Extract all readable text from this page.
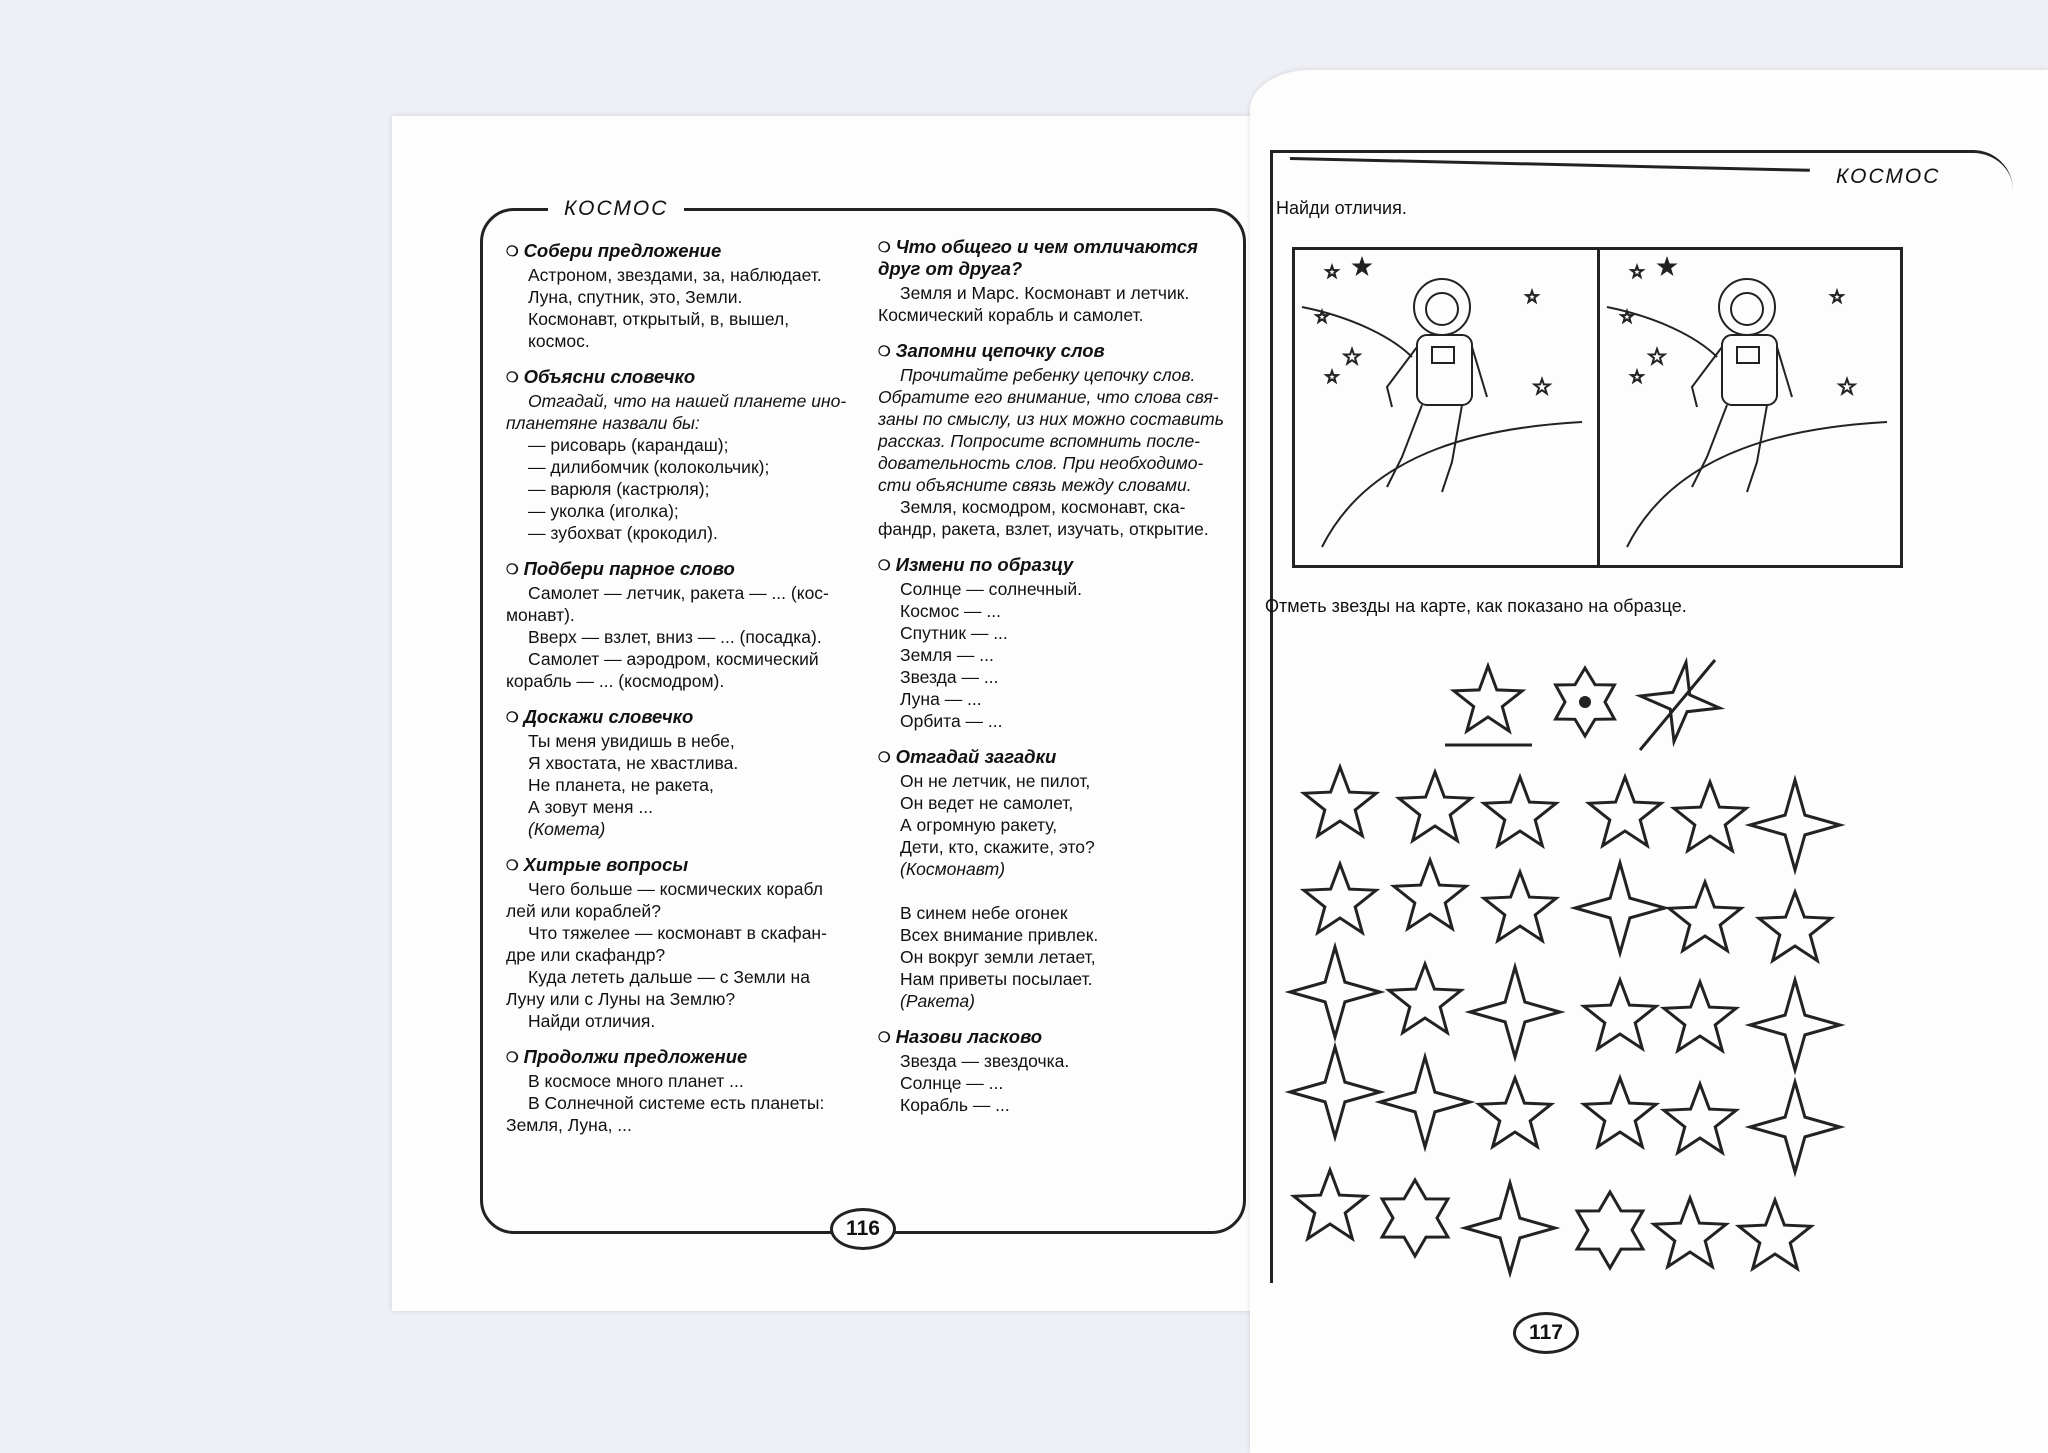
КОСМОС
КОСМОС
❍ Собери предложение
Астроном, звездами, за, наблюдает.
Луна, спутник, это, Земли.
Космонавт, открытый, в, вышел, космос.
❍ Объясни словечко
Отгадай, что на нашей планете ино-
планетяне назвали бы:
— рисоварь (карандаш);
— дилибомчик (колокольчик);
— варюля (кастрюля);
— уколка (иголка);
— зубохват (крокодил).
❍ Подбери парное слово
Самолет — летчик, ракета — ... (кос-
монавт).
Вверх — взлет, вниз — ... (посадка).
Самолет — аэродром, космический
корабль — ... (космодром).
❍ Доскажи словечко
Ты меня увидишь в небе,
Я хвостата, не хвастлива.
Не планета, не ракета,
А зовут меня ...
(Комета)
❍ Хитрые вопросы
Чего больше — космических корабл
лей или кораблей?
Что тяжелее — космонавт в скафан-
дре или скафандр?
Куда лететь дальше — с Земли на
Луну или с Луны на Землю?
Найди отличия.
❍ Продолжи предложение
В космосе много планет ...
В Солнечной системе есть планеты:
Земля, Луна, ...
❍ Что общего и чем отличаются друг от друга?
Земля и Марс. Космонавт и летчик.
Космический корабль и самолет.
❍ Запомни цепочку слов
Прочитайте ребенку цепочку слов.
Обратите его внимание, что слова свя-
заны по смыслу, из них можно составить
рассказ. Попросите вспомнить после-
довательность слов. При необходимо-
сти объясните связь между словами.
Земля, космодром, космонавт, ска-
фандр, ракета, взлет, изучать, открытие.
❍ Измени по образцу
Солнце — солнечный.
Космос — ...
Спутник — ...
Земля — ...
Звезда — ...
Луна — ...
Орбита — ...
❍ Отгадай загадки
Он не летчик, не пилот,
Он ведет не самолет,
А огромную ракету,
Дети, кто, скажите, это?
(Космонавт)

В синем небе огонек
Всех внимание привлек.
Он вокруг земли летает,
Нам приветы посылает.
(Ракета)
❍ Назови ласково
Звезда — звездочка.
Солнце — ...
Корабль — ...
116
117
Найди отличия.
Отметь звезды на карте, как показано на образце.
